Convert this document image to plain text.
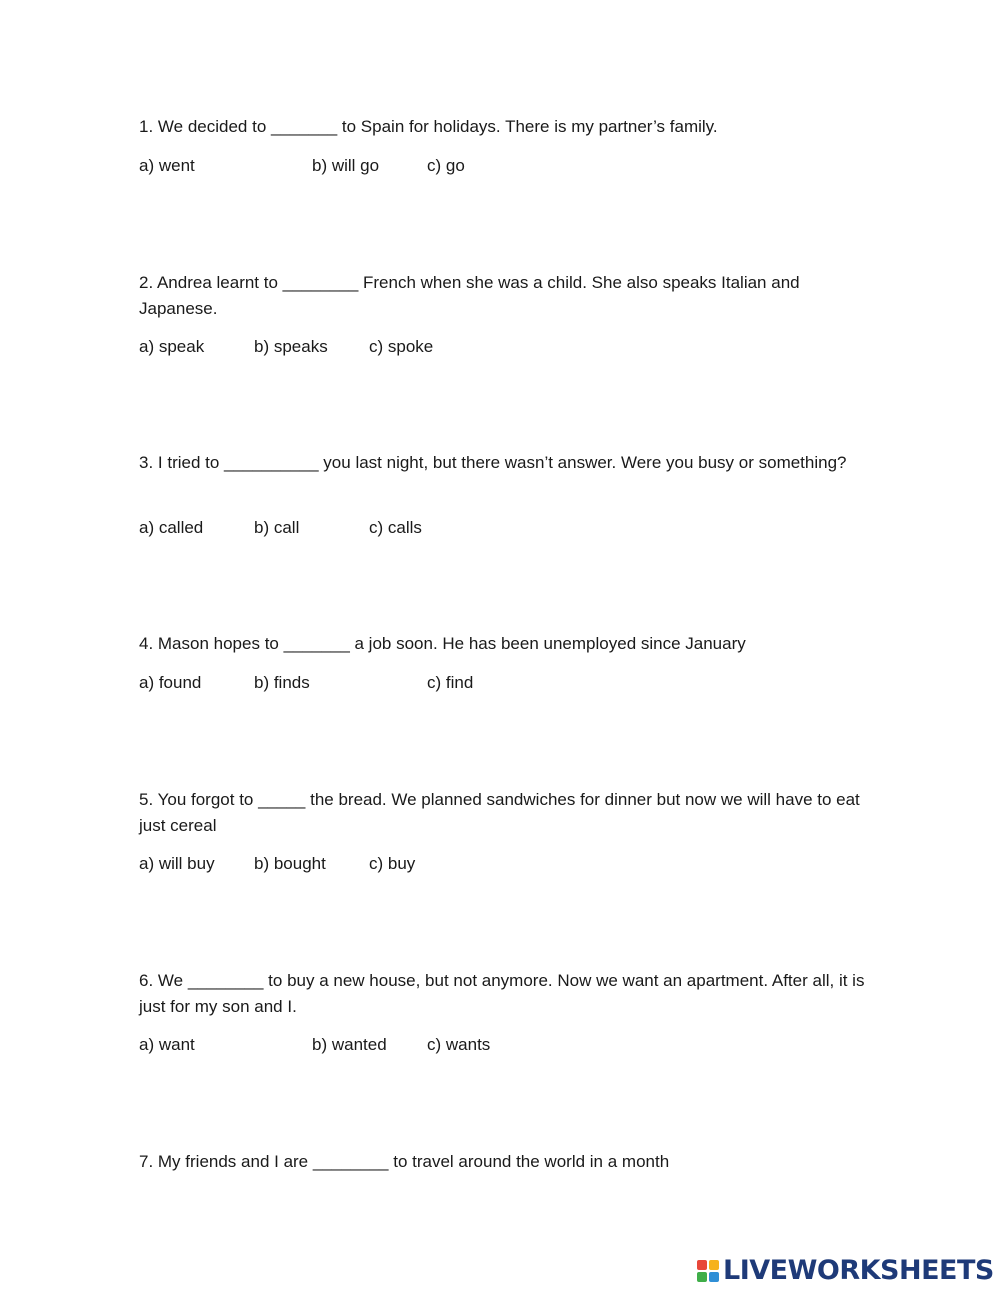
1. We decided to _______ to Spain for holidays. There is my partner’s family.
a) went	b) will go	c) go
2. Andrea learnt to ________ French when she was a child. She also speaks Italian and Japanese.
a) speak	b) speaks c) spoke
3. I tried to __________ you last night, but there wasn’t answer. Were you busy or something?
a) called	b) call	c) calls
4. Mason hopes to _______ a job soon. He has been unemployed since January
a) found	b) finds	c) find
5. You forgot to _____ the bread. We planned sandwiches for dinner but now we will have to eat just cereal
a) will buy b) bought	c) buy
6. We ________ to buy a new house, but not anymore. Now we want an apartment. After all, it is just for my son and I.
a) want	b) wanted c) wants
7. My friends and I are ________ to travel around the world in a month
LIVEWORKSHEETS
